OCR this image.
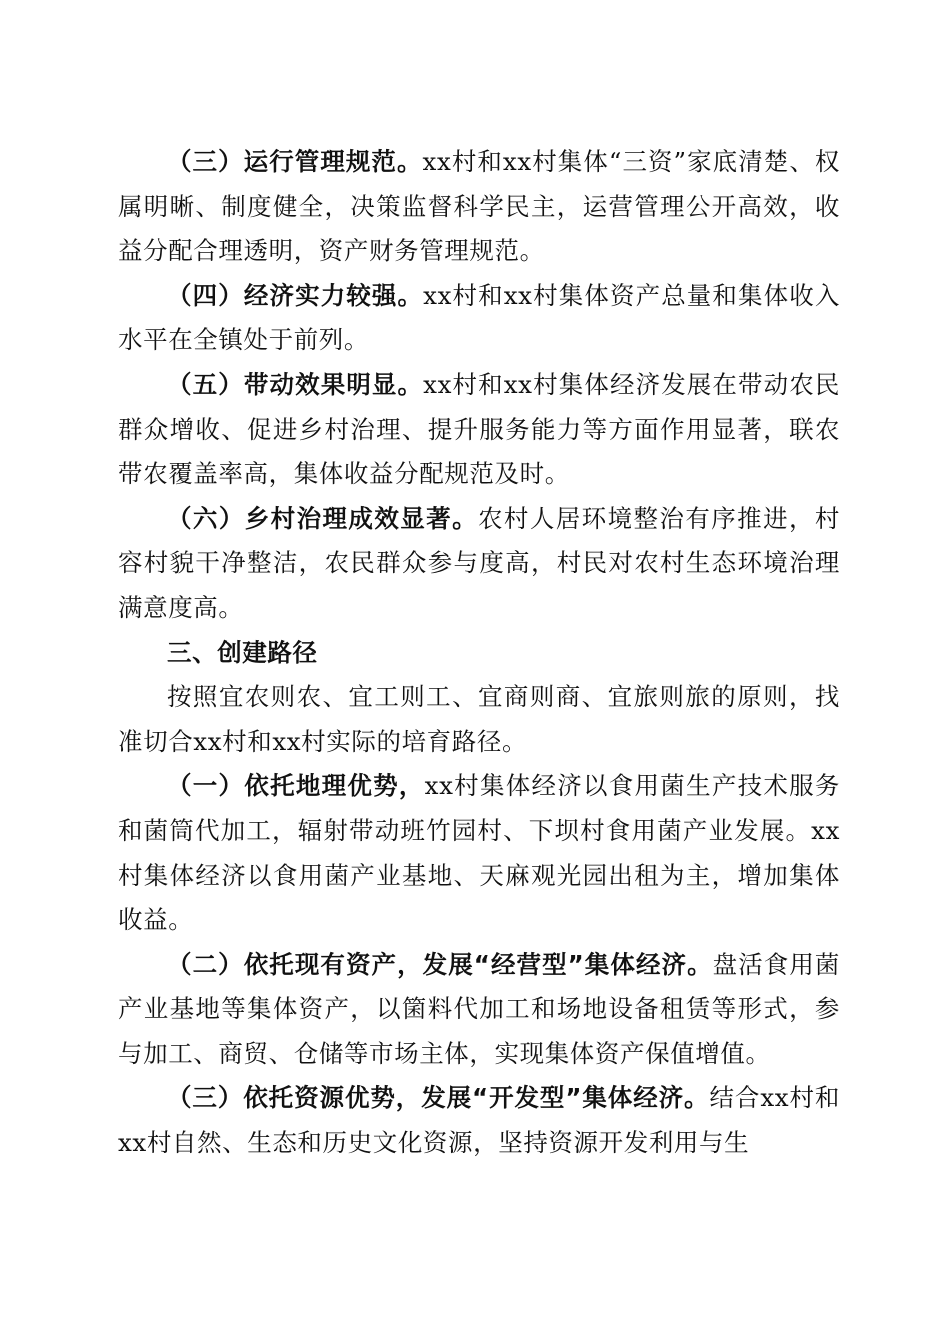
（三）运行管理规范。xx村和xx村集体“三资”家底清楚、权属明晰、制度健全，决策监督科学民主，运营管理公开高效，收益分配合理透明，资产财务管理规范。

（四）经济实力较强。xx村和xx村集体资产总量和集体收入水平在全镇处于前列。

（五）带动效果明显。xx村和xx村集体经济发展在带动农民群众增收、促进乡村治理、提升服务能力等方面作用显著，联农带农覆盖率高，集体收益分配规范及时。

（六）乡村治理成效显著。农村人居环境整治有序推进，村容村貌干净整洁，农民群众参与度高，村民对农村生态环境治理满意度高。

三、创建路径

按照宜农则农、宜工则工、宜商则商、宜旅则旅的原则，找准切合xx村和xx村实际的培育路径。

（一）依托地理优势，xx村集体经济以食用菌生产技术服务和菌筒代加工，辐射带动班竹园村、下坝村食用菌产业发展。xx村集体经济以食用菌产业基地、天麻观光园出租为主，增加集体收益。

（二）依托现有资产，发展“经营型”集体经济。盘活食用菌产业基地等集体资产，以箘料代加工和场地设备租赁等形式，参与加工、商贸、仓储等市场主体，实现集体资产保值增值。

（三）依托资源优势，发展“开发型”集体经济。结合xx村和xx村自然、生态和历史文化资源，坚持资源开发利用与生
